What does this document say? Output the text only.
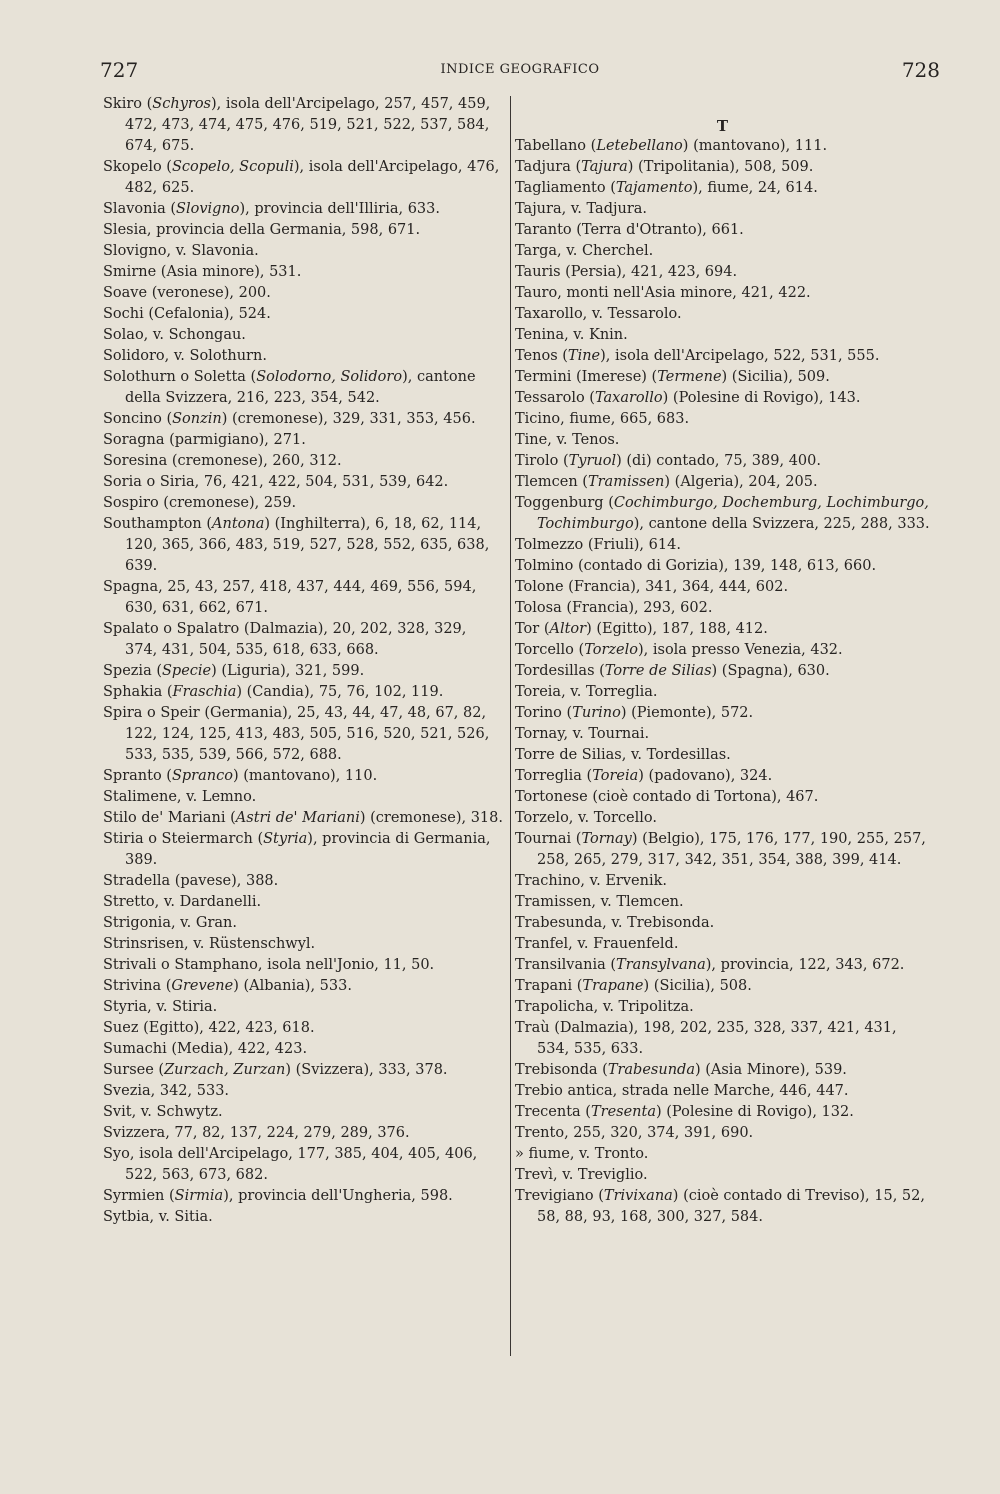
727	INDICE GEOGRAFICO	728

Skiro (Schyros), isola dell'Arcipelago, 257, 457, 459, 472, 473, 474, 475, 476, 519, 521, 522, 537, 584, 674, 675.

Skopelo (Scopelo, Scopuli), isola dell'Arcipelago, 476, 482, 625.

Slavonia (Slovigno), provincia dell'Illiria, 633.

Slesia, provincia della Germania, 598, 671.

Slovigno, v. Slavonia.

Smirne (Asia minore), 531.

Soave (veronese), 200.

Sochi (Cefalonia), 524.

Solao, v. Schongau.

Solidoro, v. Solothurn.

Solothurn o Soletta (Solodorno, Solidoro), cantone della Svizzera, 216, 223, 354, 542.

Soncino (Sonzin) (cremonese), 329, 331, 353, 456.

Soragna (parmigiano), 271.

Soresina (cremonese), 260, 312.

Soria o Siria, 76, 421, 422, 504, 531, 539, 642.

Sospiro (cremonese), 259.

Southampton (Antona) (Inghilterra), 6, 18, 62, 114, 120, 365, 366, 483, 519, 527, 528, 552, 635, 638, 639.

Spagna, 25, 43, 257, 418, 437, 444, 469, 556, 594, 630, 631, 662, 671.

Spalato o Spalatro (Dalmazia), 20, 202, 328, 329, 374, 431, 504, 535, 618, 633, 668.

Spezia (Specie) (Liguria), 321, 599.

Sphakia (Fraschia) (Candia), 75, 76, 102, 119.

Spira o Speir (Germania), 25, 43, 44, 47, 48, 67, 82, 122, 124, 125, 413, 483, 505, 516, 520, 521, 526, 533, 535, 539, 566, 572, 688.

Spranto (Spranco) (mantovano), 110.

Stalimene, v. Lemno.

Stilo de' Mariani (Astri de' Mariani) (cremonese), 318.

Stiria o Steiermarch (Styria), provincia di Germania, 389.

Stradella (pavese), 388.

Stretto, v. Dardanelli.

Strigonia, v. Gran.

Strinsrisen, v. Rüstenschwyl.

Strivali o Stamphano, isola nell'Jonio, 11, 50.

Strivina (Grevene) (Albania), 533.

Styria, v. Stiria.

Suez (Egitto), 422, 423, 618.

Sumachi (Media), 422, 423.

Sursee (Zurzach, Zurzan) (Svizzera), 333, 378.

Svezia, 342, 533.

Svit, v. Schwytz.

Svizzera, 77, 82, 137, 224, 279, 289, 376.

Syo, isola dell'Arcipelago, 177, 385, 404, 405, 406, 522, 563, 673, 682.

Syrmien (Sirmia), provincia dell'Ungheria, 598.

Sytbia, v. Sitia.

T

Tabellano (Letebellano) (mantovano), 111.

Tadjura (Tajura) (Tripolitania), 508, 509.

Tagliamento (Tajamento), fiume, 24, 614.

Tajura, v. Tadjura.

Taranto (Terra d'Otranto), 661.

Targa, v. Cherchel.

Tauris (Persia), 421, 423, 694.

Tauro, monti nell'Asia minore, 421, 422.

Taxarollo, v. Tessarolo.

Tenina, v. Knin.

Tenos (Tine), isola dell'Arcipelago, 522, 531, 555.

Termini (Imerese) (Termene) (Sicilia), 509.

Tessarolo (Taxarollo) (Polesine di Rovigo), 143.

Ticino, fiume, 665, 683.

Tine, v. Tenos.

Tirolo (Tyruol) (di) contado, 75, 389, 400.

Tlemcen (Tramissen) (Algeria), 204, 205.

Toggenburg (Cochimburgo, Dochemburg, Lochimburgo, Tochimburgo), cantone della Svizzera, 225, 288, 333.

Tolmezzo (Friuli), 614.

Tolmino (contado di Gorizia), 139, 148, 613, 660.

Tolone (Francia), 341, 364, 444, 602.

Tolosa (Francia), 293, 602.

Tor (Altor) (Egitto), 187, 188, 412.

Torcello (Torzelo), isola presso Venezia, 432.

Tordesillas (Torre de Silias) (Spagna), 630.

Toreia, v. Torreglia.

Torino (Turino) (Piemonte), 572.

Tornay, v. Tournai.

Torre de Silias, v. Tordesillas.

Torreglia (Toreia) (padovano), 324.

Tortonese (cioè contado di Tortona), 467.

Torzelo, v. Torcello.

Tournai (Tornay) (Belgio), 175, 176, 177, 190, 255, 257, 258, 265, 279, 317, 342, 351, 354, 388, 399, 414.

Trachino, v. Ervenik.

Tramissen, v. Tlemcen.

Trabesunda, v. Trebisonda.

Tranfel, v. Frauenfeld.

Transilvania (Transylvana), provincia, 122, 343, 672.

Trapani (Trapane) (Sicilia), 508.

Trapolicha, v. Tripolitza.

Traù (Dalmazia), 198, 202, 235, 328, 337, 421, 431, 534, 535, 633.

Trebisonda (Trabesunda) (Asia Minore), 539.

Trebio antica, strada nelle Marche, 446, 447.

Trecenta (Tresenta) (Polesine di Rovigo), 132.

Trento, 255, 320, 374, 391, 690.

» fiume, v. Tronto.

Trevì, v. Treviglio.

Trevigiano (Trivixana) (cioè contado di Treviso), 15, 52, 58, 88, 93, 168, 300, 327, 584.
